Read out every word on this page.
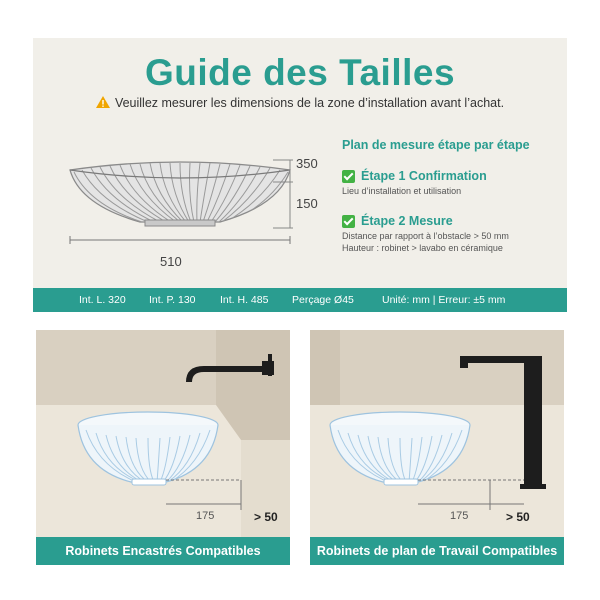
Guide des Tailles
Veuillez mesurer les dimensions de la zone d’installation avant l’achat.
350
150
510
Plan de mesure étape par étape
Étape 1 Confirmation
Lieu d’installation et utilisation
Étape 2 Mesure
Distance par rapport à l’obstacle > 50 mm
Hauteur : robinet > lavabo en céramique
Int. L. 320 Int. P. 130 Int. H. 485 Perçage Ø45	Unité: mm | Erreur: ±5 mm
175	> 50
Robinets Encastrés Compatibles
175	> 50
Robinets de plan de Travail Compatibles
